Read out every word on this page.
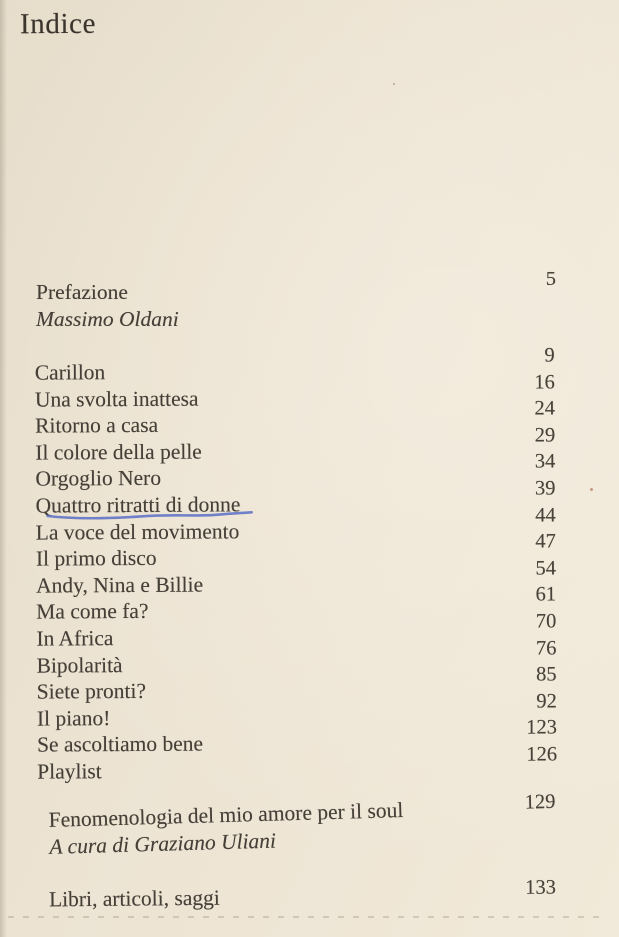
Indice
Prefazione
5
Massimo Oldani
Carillon
9
Una svolta inattesa
16
Ritorno a casa
24
Il colore della pelle
29
Orgoglio Nero
34
Quattro ritratti di donne
39
La voce del movimento
44
Il primo disco
47
Andy, Nina e Billie
54
Ma come fa?
61
In Africa
70
Bipolarità
76
Siete pronti?
85
Il piano!
92
Se ascoltiamo bene
123
Playlist
126
Fenomenologia del mio amore per il soul	129
A cura di Graziano Uliani
Libri, articoli, saggi	133
